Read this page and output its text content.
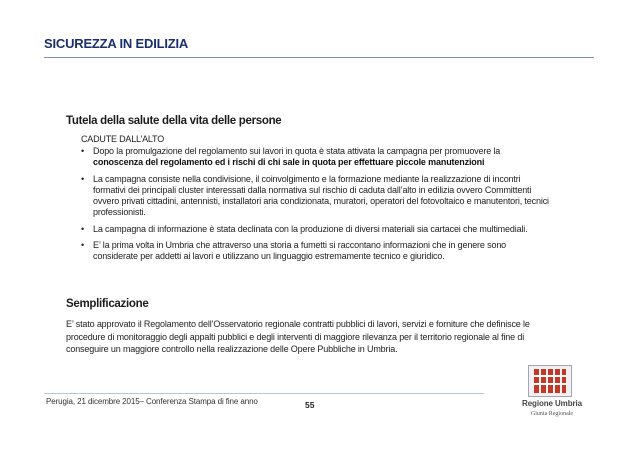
SICUREZZA IN EDILIZIA
Tutela della salute della vita delle persone

CADUTE DALL’ALTO

• Dopo la promulgazione del regolamento sui lavori in quota è stata attivata la campagna per promuovere la conoscenza del regolamento ed i rischi di chi sale in quota per effettuare piccole manutenzioni
• La campagna consiste nella condivisione, il coinvolgimento e la formazione mediante la realizzazione di incontri formativi dei principali cluster interessati dalla normativa sul rischio di caduta dall’alto in edilizia ovvero Committenti ovvero privati cittadini, antennisti, installatori aria condizionata, muratori, operatori del fotovoltaico e manutentori, tecnici professionisti.
• La campagna di informazione è stata declinata con la produzione di diversi materiali sia cartacei che multimediali.
• E’ la prima volta in Umbria che attraverso una storia a fumetti si raccontano informazioni che in genere sono considerate per addetti ai lavori e utilizzano un linguaggio estremamente tecnico e giuridico.
Semplificazione

E’ stato approvato il Regolamento dell’Osservatorio regionale contratti pubblici di lavori, servizi e forniture che definisce le procedure di monitoraggio degli appalti pubblici e degli interventi di maggiore rilevanza per il territorio regionale al fine di conseguire un maggiore controllo nella realizzazione delle Opere Pubbliche in Umbria.

Perugia, 21 dicembre 2015– Conferenza Stampa di fine anno	55	Regione Umbria

Giunta Regionale
